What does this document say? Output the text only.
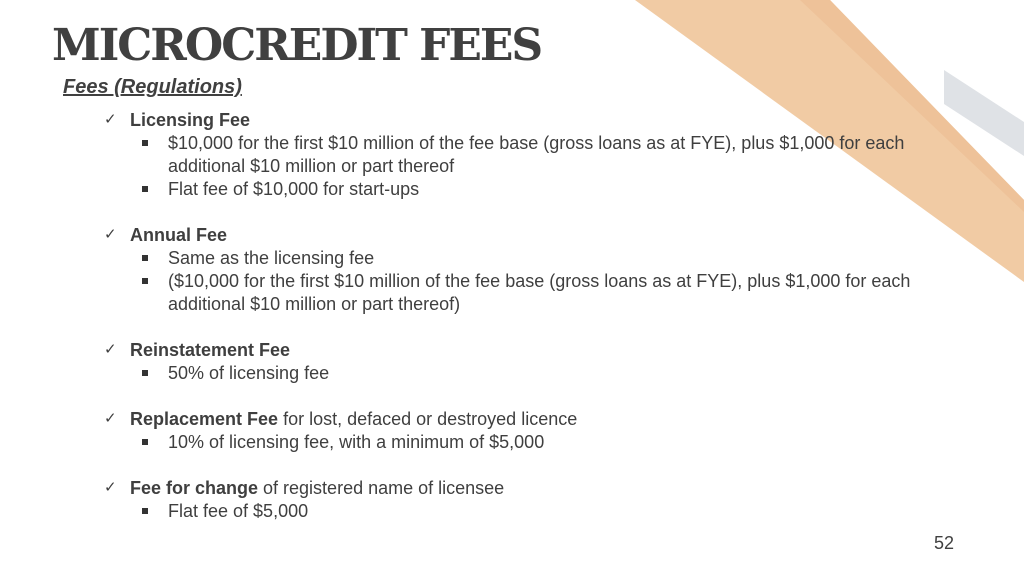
MICROCREDIT FEES
Fees (Regulations)
✓ Licensing Fee
$10,000 for the first $10 million of the fee base (gross loans as at FYE), plus $1,000 for each additional $10 million or part thereof
Flat fee of $10,000 for start-ups
✓ Annual Fee
Same as the licensing fee
($10,000 for the first $10 million of the fee base (gross loans as at FYE), plus $1,000 for each additional $10 million or part thereof)
✓ Reinstatement Fee
50% of licensing fee
✓ Replacement Fee for lost, defaced or destroyed licence
10% of licensing fee, with a minimum of $5,000
✓ Fee for change of registered name of licensee
Flat fee of $5,000
52
